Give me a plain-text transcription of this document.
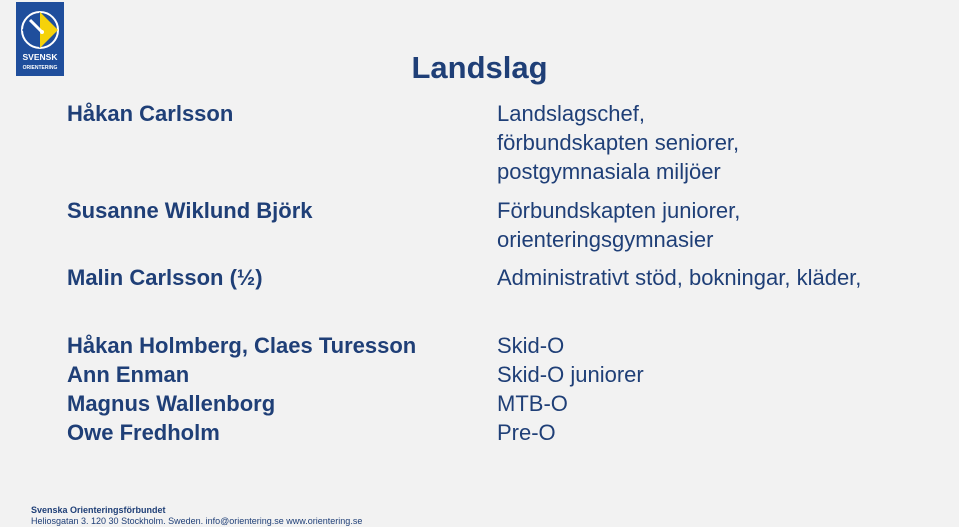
SVENSK
ORIENTERING	Landslag
Håkan Carlsson
Susanne Wiklund Björk
Malin Carlsson (½)
Håkan Holmberg, Claes Turesson
Ann Enman
Magnus Wallenborg
Owe Fredholm
Landslagschef,
förbundskapten seniorer,
postgymnasiala miljöer
Förbundskapten juniorer,
orienteringsgymnasier
Administrativt stöd, bokningar, kläder,
Skid-O
Skid-O juniorer
MTB-O
Pre-O
Svenska Orienteringsförbundet
Heliosgatan 3. 120 30 Stockholm. Sweden. info@orientering.se www.orientering.se
